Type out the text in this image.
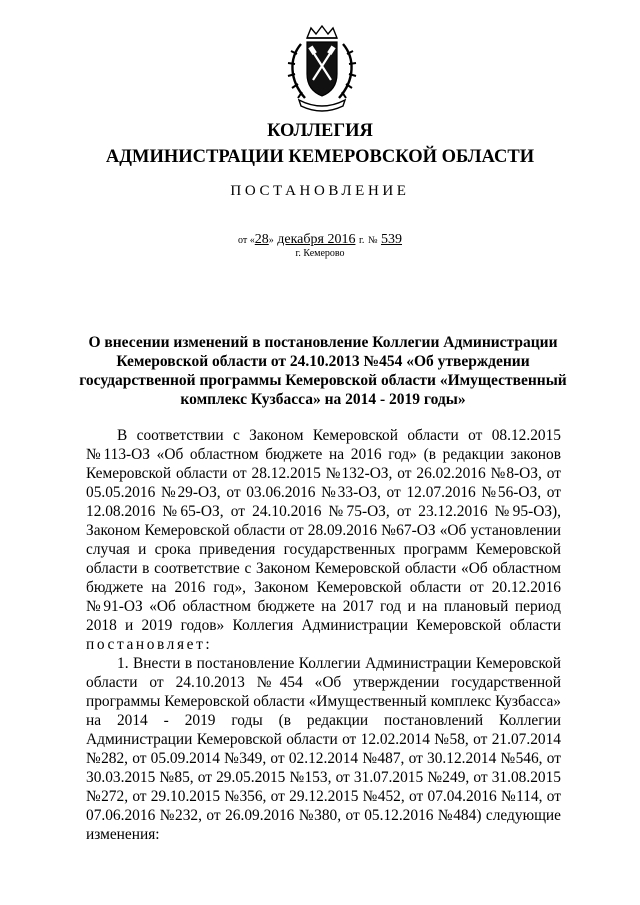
КОЛЛЕГИЯ
АДМИНИСТРАЦИИ КЕМЕРОВСКОЙ ОБЛАСТИ
ПОСТАНОВЛЕНИЕ
от «28» декабря 2016 г. № 539
г. Кемерово
О внесении изменений в постановление Коллегии Администрации Кемеровской области от 24.10.2013 №454 «Об утверждении государственной программы Кемеровской области «Имущественный комплекс Кузбасса» на 2014 - 2019 годы»

В соответствии с Законом Кемеровской области от 08.12.2015 №113-ОЗ «Об областном бюджете на 2016 год» (в редакции законов Кемеровской области от 28.12.2015 №132-ОЗ, от 26.02.2016 №8-ОЗ, от 05.05.2016 №29-ОЗ, от 03.06.2016 №33-ОЗ, от 12.07.2016 №56-ОЗ, от 12.08.2016 №65-ОЗ, от 24.10.2016 №75-ОЗ, от 23.12.2016 №95-ОЗ), Законом Кемеровской области от 28.09.2016 №67-ОЗ «Об установлении случая и срока приведения государственных программ Кемеровской области в соответствие с Законом Кемеровской области «Об областном бюджете на 2016 год», Законом Кемеровской области от 20.12.2016 №91-ОЗ «Об областном бюджете на 2017 год и на плановый период 2018 и 2019 годов» Коллегия Администрации Кемеровской области постановляет:

1. Внести в постановление Коллегии Администрации Кемеровской области от 24.10.2013 №454 «Об утверждении государственной программы Кемеровской области «Имущественный комплекс Кузбасса» на 2014 - 2019 годы (в редакции постановлений Коллегии Администрации Кемеровской области от 12.02.2014 №58, от 21.07.2014 №282, от 05.09.2014 №349, от 02.12.2014 №487, от 30.12.2014 №546, от 30.03.2015 №85, от 29.05.2015 №153, от 31.07.2015 №249, от 31.08.2015 №272, от 29.10.2015 №356, от 29.12.2015 №452, от 07.04.2016 №114, от 07.06.2016 №232, от 26.09.2016 №380, от 05.12.2016 №484) следующие изменения:
